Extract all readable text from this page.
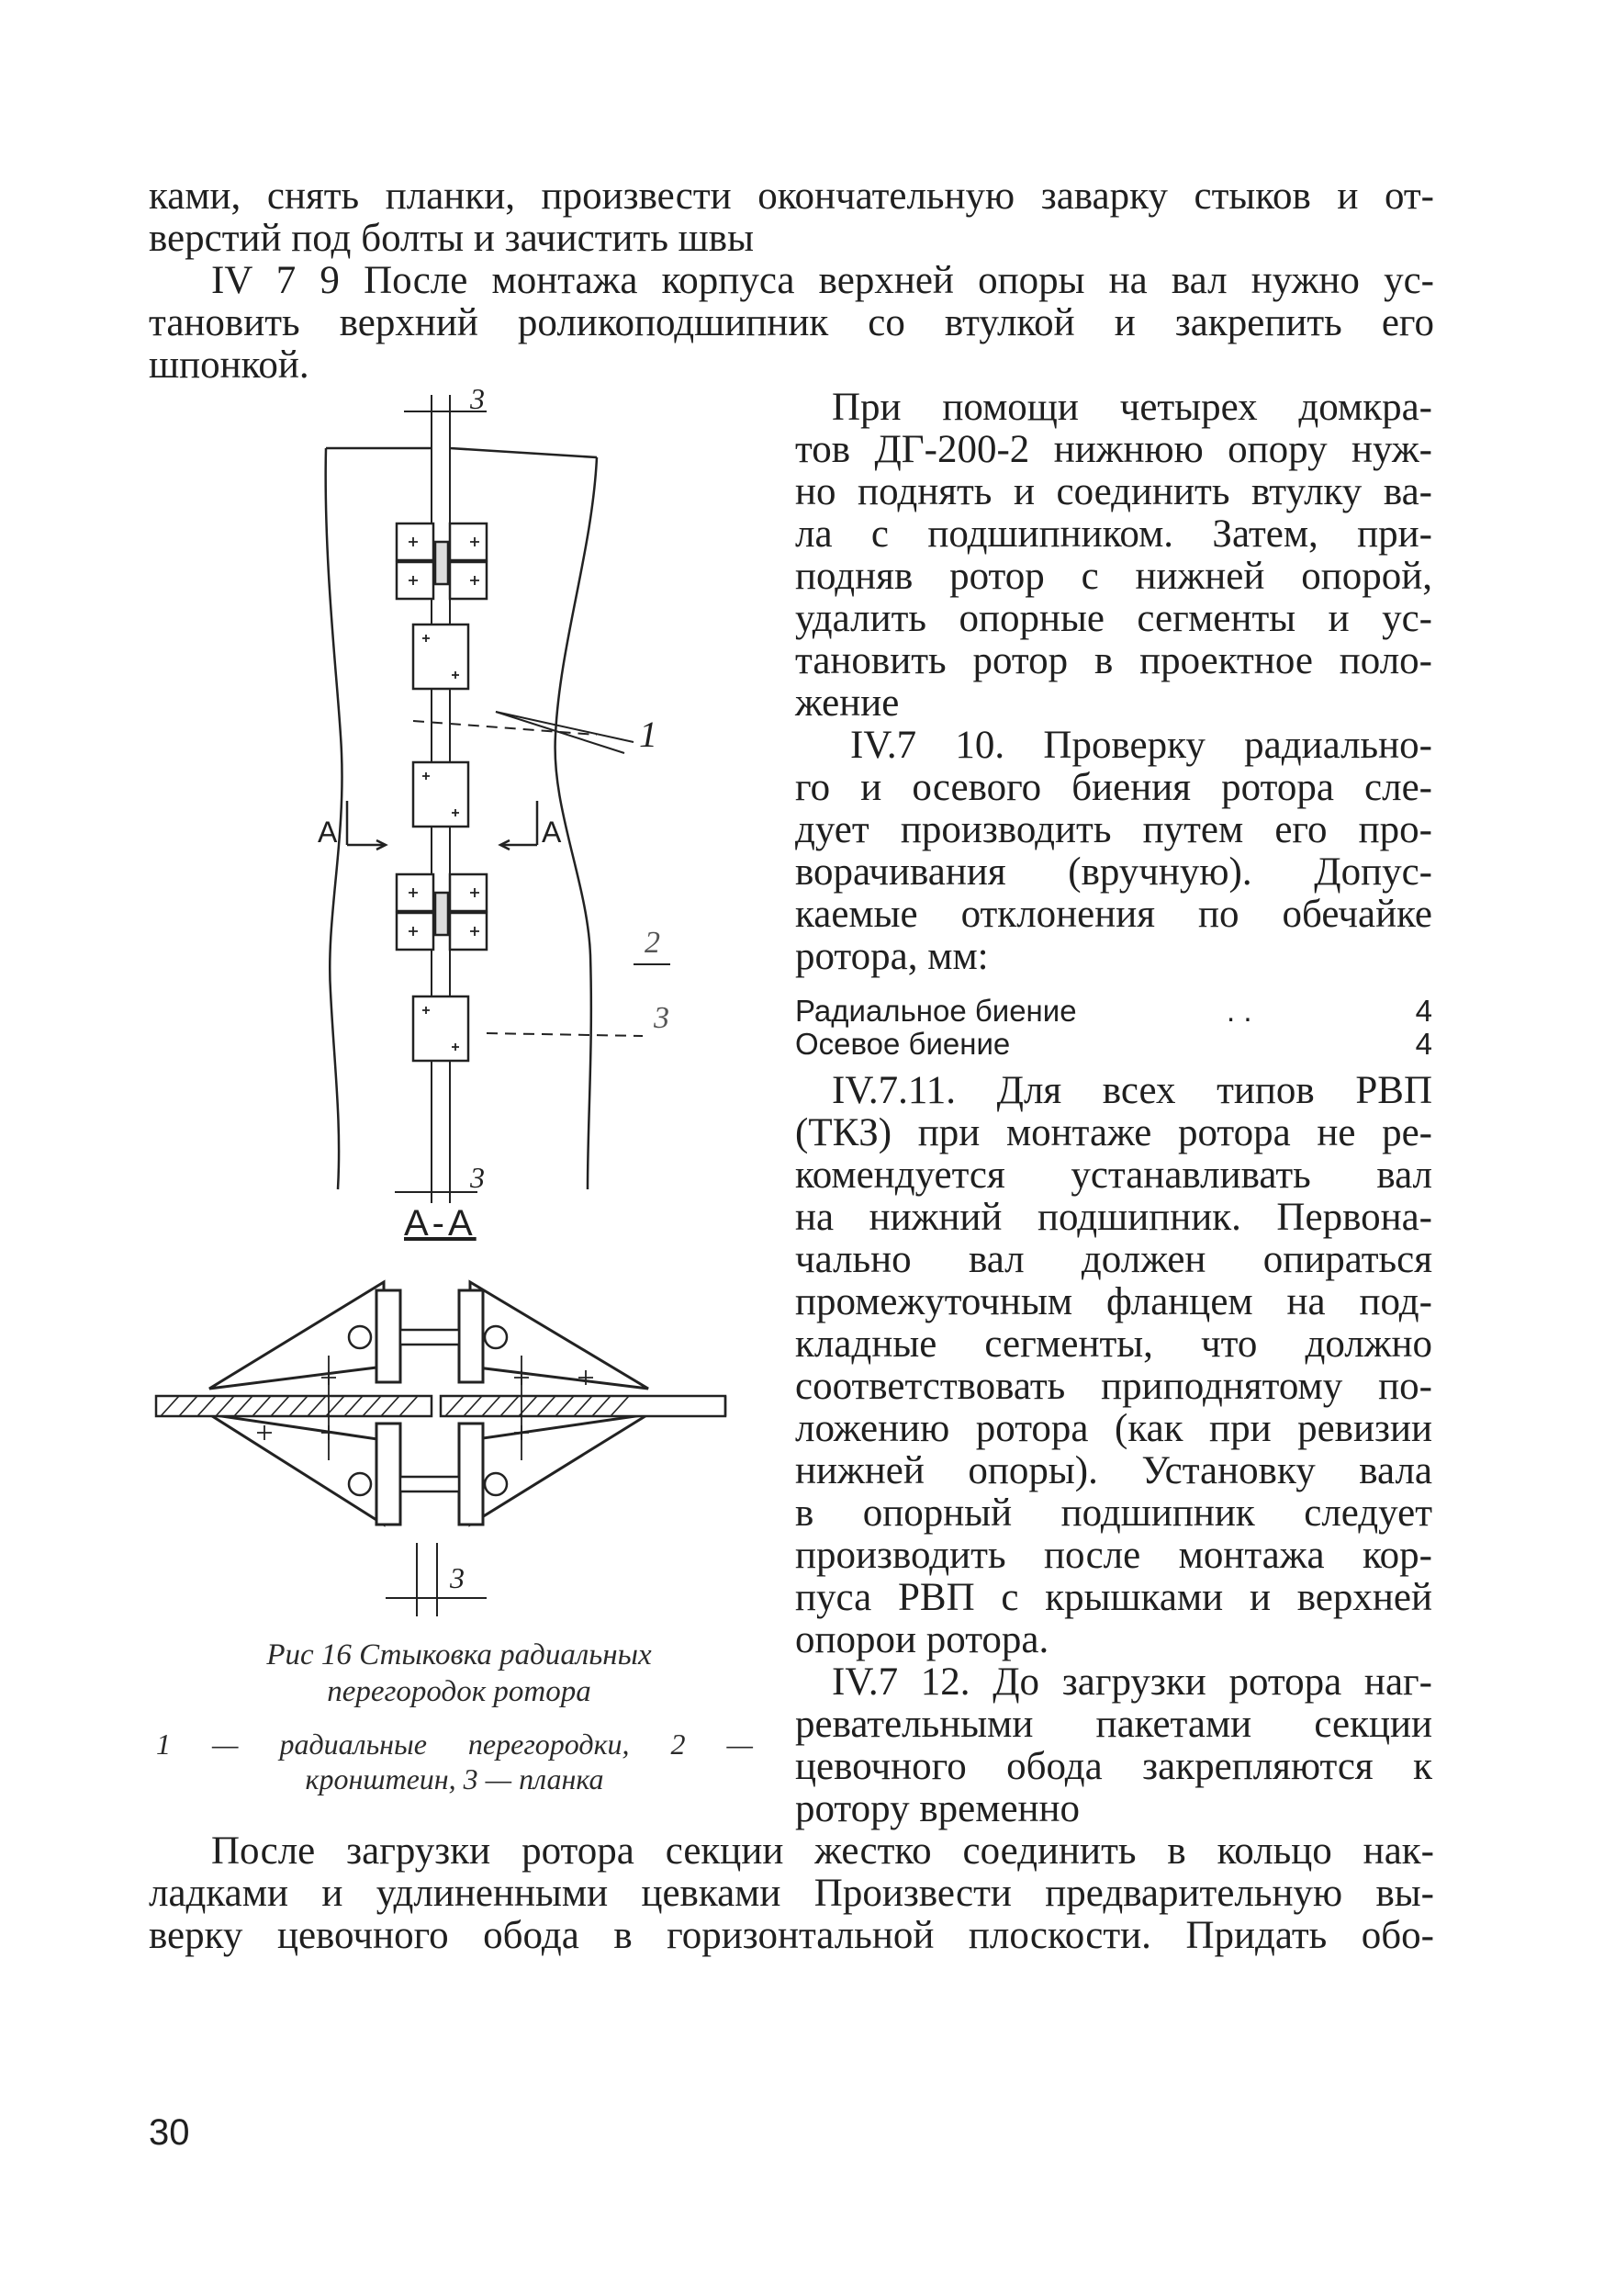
ками, снять планки, произвести окончательную заварку стыков и от-
верстий под болты и зачистить швы
IV 7 9 После монтажа корпуса верхней опоры на вал нужно ус-
тановить верхний роликоподшипник со втулкой и закрепить его
шпонкой.
При помощи четырех домкра-
тов ДГ-200-2 нижнюю опору нуж-
но поднять и соединить втулку ва-
ла с подшипником. Затем, при-
подняв ротор с нижней опорой,
удалить опорные сегменты и ус-
тановить ротор в проектное поло-
жение
IV.7 10. Проверку радиально-
го и осевого биения ротора сле-
дует производить путем его про-
ворачивания (вручную). Допус-
каемые отклонения по обечайке
ротора, мм:
Радиальное биение	. .	4
Осевое биение	4
IV.7.11. Для всех типов РВП
(ТКЗ) при монтаже ротора не ре-
комендуется устанавливать вал
на нижний подшипник. Первона-
чально вал должен опираться
промежуточным фланцем на под-
кладные сегменты, что должно
соответствовать приподнятому по-
ложению ротора (как при ревизии
нижней опоры). Установку вала
в опорный подшипник следует
производить после монтажа кор-
пуса РВП с крышками и верхней
опорои ротора.
IV.7 12. До загрузки ротора наг-
ревательными пакетами секции
цевочного обода закрепляются к
ротору временно
После загрузки ротора секции жестко соединить в кольцо нак-
ладками и удлиненными цевками Произвести предварительную вы-
верку цевочного обода в горизонтальной плоскости. Придать обо-
А	А
3
3
1
2
3
А-А
3
Рис 16 Стыковка радиальных
перегородок ротора
1 — радиальные перегородки, 2 —
кронштеин, 3 — планка
30
